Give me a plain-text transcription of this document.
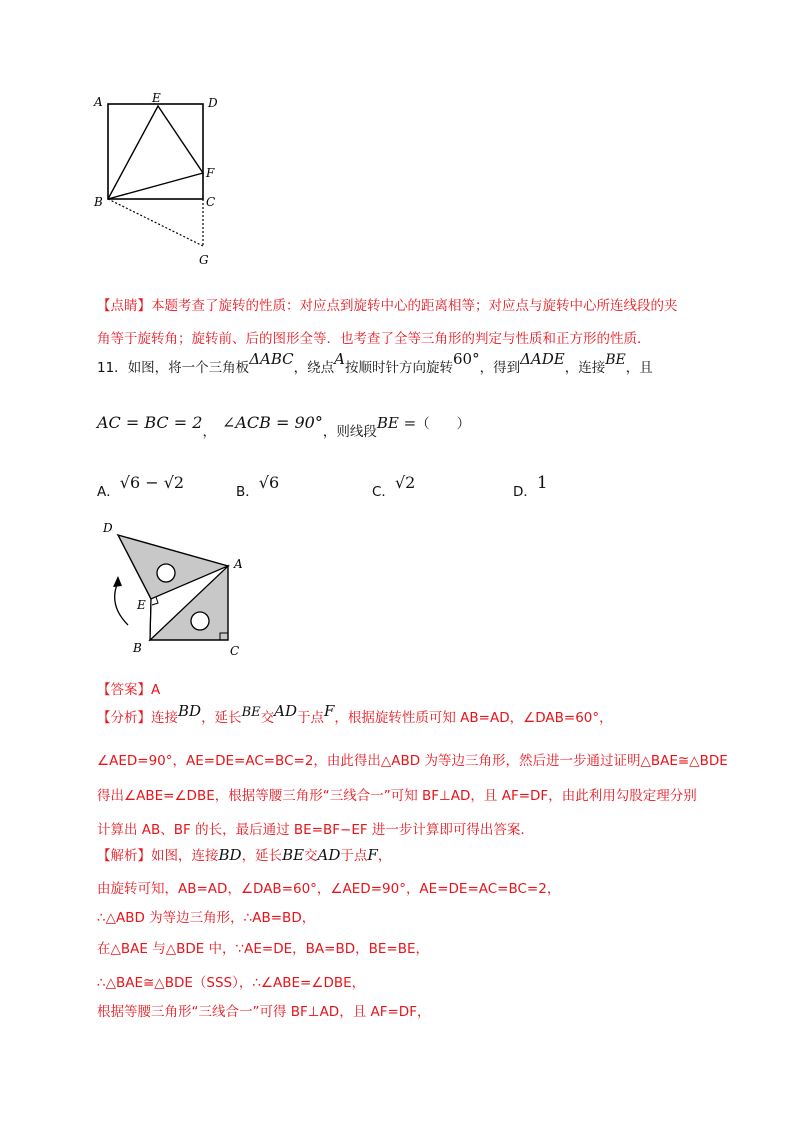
A	E	D
F
B	C
G
【点睛】本题考查了旋转的性质：对应点到旋转中心的距离相等；对应点与旋转中心所连线段的夹
角等于旋转角；旋转前、后的图形全等．也考查了全等三角形的判定与性质和正方形的性质．
11．如图，将一个三角板ΔABC，绕点A按顺时针方向旋转60°，得到ΔADE，连接BE，且
AC = BC = 2， ∠ACB = 90°，则线段BE =（　　）
A．√6 − √2	B．√6	C．√2	D．1
D
A
E
B	C
【答案】A
【分析】连接BD，延长BE交AD于点F，根据旋转性质可知 AB=AD，∠DAB=60°，
∠AED=90°，AE=DE=AC=BC=2，由此得出△ABD 为等边三角形，然后进一步通过证明△BAE≅△BDE
得出∠ABE=∠DBE，根据等腰三角形“三线合一”可知 BF⊥AD，且 AF=DF，由此利用勾股定理分别
计算出 AB、BF 的长，最后通过 BE=BF−EF 进一步计算即可得出答案.
【解析】如图，连接BD，延长BE交AD于点F，
由旋转可知，AB=AD，∠DAB=60°，∠AED=90°，AE=DE=AC=BC=2，
∴△ABD 为等边三角形，∴AB=BD，
在△BAE 与△BDE 中，∵AE=DE，BA=BD，BE=BE，
∴△BAE≅△BDE（SSS），∴∠ABE=∠DBE，
根据等腰三角形“三线合一”可得 BF⊥AD，且 AF=DF，
